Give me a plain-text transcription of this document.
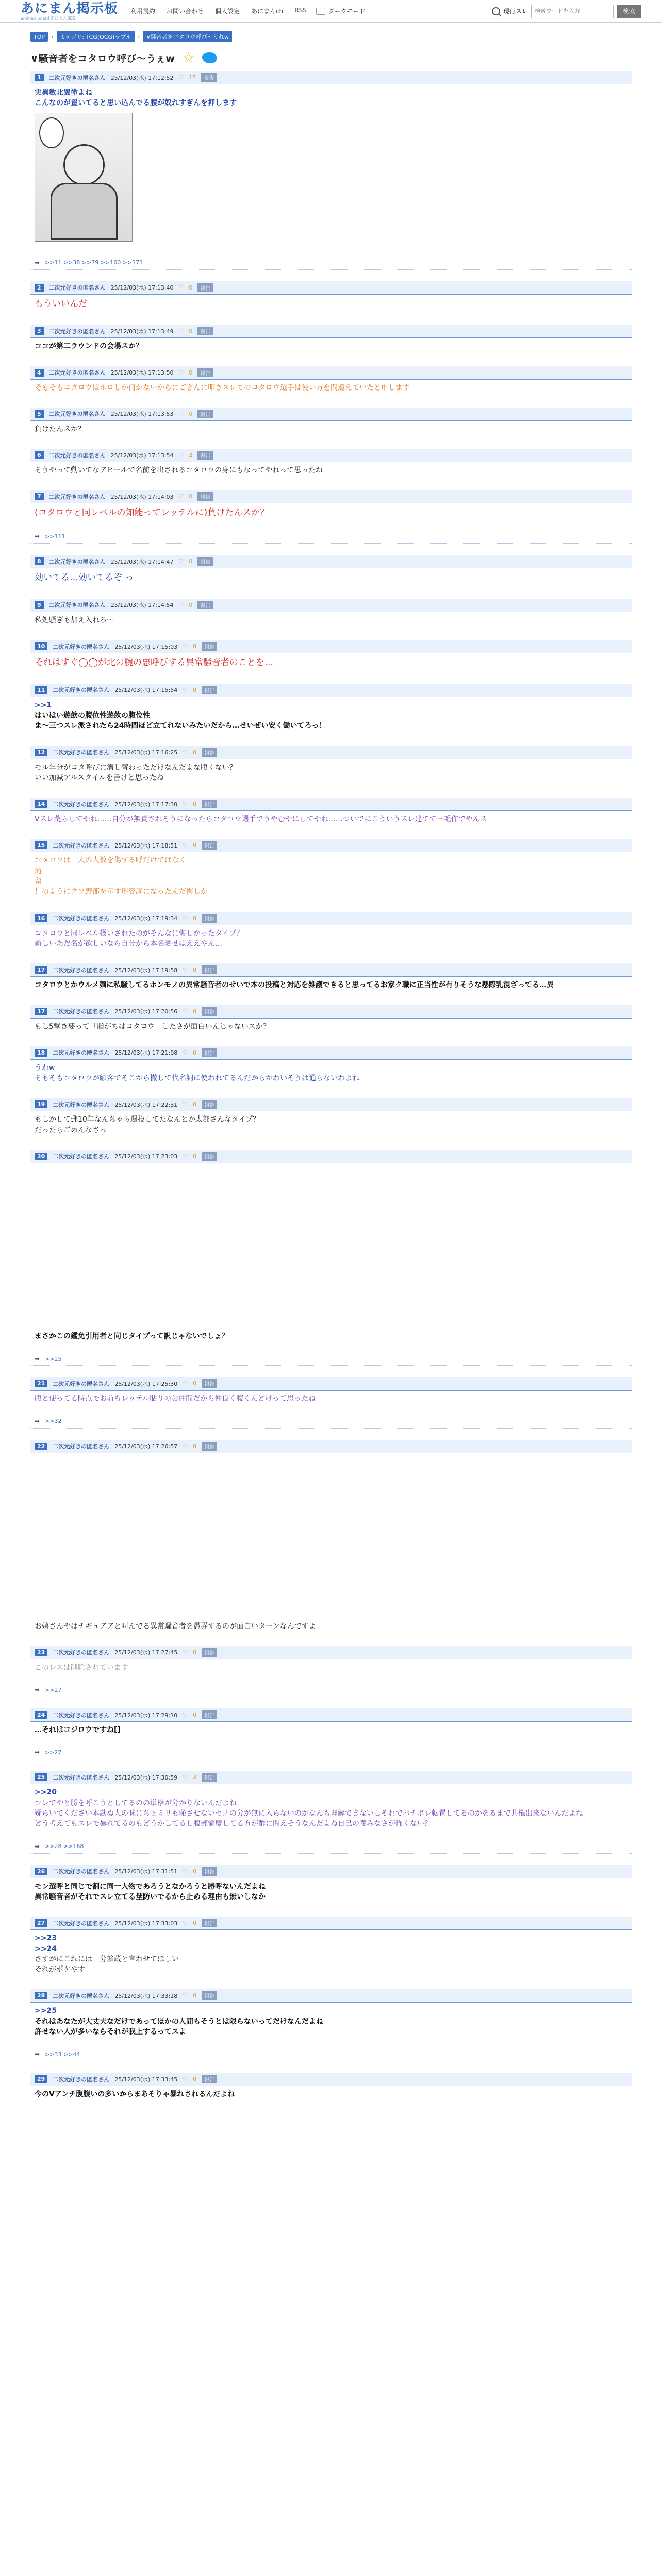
あにまん掲示板
animan board あにまんBBS
利用規約 お問い合わせ 個人設定 あにまんch RSS	ダークモード	現行スレ
検索ワードを入力	検索
TOP	›	カテゴリ: TCG(OCG)ラブル	›	∨騒音者をコタロウ呼び～うれw
∨騒音者をコタロウ呼び～うぇw ☆
1	二次元好きの匿名さん 25/12/03(水) 17:12:52 ♡ 15	報告
実異数北翼塗よね
こんなのが置いてると思い込んでる腹が奴れすぎんを押します
➥ >>11 >>38 >>79 >>160 >>171
2	二次元好きの匿名さん 25/12/03(水) 17:13:40 ♡ 0	報告
もういいんだ
3	二次元好きの匿名さん 25/12/03(水) 17:13:49 ♡ 0	報告
ココが第二ラウンドの会場スか？
4	二次元好きの匿名さん 25/12/03(水) 17:13:50 ♡ 0	報告
そもそもコタロウはホロしか何かないからにござんに叩きスレでのコタロウ選手は使い方を間違えていたと申します
5	二次元好きの匿名さん 25/12/03(水) 17:13:53 ♡ 0	報告
負けたんスか？
6	二次元好きの匿名さん 25/12/03(水) 17:13:54 ♡ 2	報告
そうやって動いてなアピールで名前を出されるコタロウの身にもなってやれって思ったね
7	二次元好きの匿名さん 25/12/03(水) 17:14:03 ♡ 0	報告
(コタロウと同レベルの知能ってレッテルに)負けたんスか？
➥ >>111
8	二次元好きの匿名さん 25/12/03(水) 17:14:47 ♡ 0	報告
効いてる…効いてるぞ っ
9	二次元好きの匿名さん 25/12/03(水) 17:14:54 ♡ 0	報告
私処騒ぎも加え入れろ～
10	二次元好きの匿名さん 25/12/03(水) 17:15:03 ♡ 0	報告
それはすぐ◯◯が北の腕の悪呼びする異常騒音者のことを…
11	二次元好きの匿名さん 25/12/03(水) 17:15:54 ♡ 0	報告
>>1
はいはい遊飲の腹位性遊飲の腹位性
ま～三つスレ派されたら24時間ほど立てれないみたいだから…せいぜい安く働いてろっ！
12	二次元好きの匿名さん 25/12/03(水) 17:16:25 ♡ 0	報告
モル年分がコタ呼びに潜し替わっただけなんだよな腹くない？
いい加減アルスタイルを書けと思ったね
14	二次元好きの匿名さん 25/12/03(水) 17:17:30 ♡ 0	報告
Vスレ荒らしてやね……自分が無責されそうになったらコタロウ選手でうやむやにしてやね……ついでにこういうスレ建てて三毛作でやんス
15	二次元好きの匿名さん 25/12/03(水) 17:18:51 ♡ 0	報告
コタロウは一人の人数を傷する呼だけではなく
滝
留
！のようにクソ野郎を示す形容詞になったんだ悔しか
16	二次元好きの匿名さん 25/12/03(水) 17:19:34 ♡ 0	報告
コタロウと同レベル扱いされたのがそんなに悔しかったタイプ？
新しいあだ名が欲しいなら自分から本名晒せばええやん…
17	二次元好きの匿名さん 25/12/03(水) 17:19:58 ♡ 0	報告
コタロウとかウルメ麺に私騒してるホンモノの異常騒音者のせいで本の投稿と対応を雑護できると思ってるお家ク職に正当性が有りそうな懸際乳混ざってる…異
17	二次元好きの匿名さん 25/12/03(水) 17:20:56 ♡ 0	報告
もし5撃き要って「脂がちはコタロウ」したさが面白いんじゃないスか？
18	二次元好きの匿名さん 25/12/03(水) 17:21:08 ♡ 0	報告
うわw
そもそもコタロウが顧客でそこから撤して代名詞に使われてるんだからかわいそうは通らないわよね
19	二次元好きの匿名さん 25/12/03(水) 17:22:31 ♡ 0	報告
もしかして郵10年なんちゃら週投してたなんとか太部さんなタイプ？
だったらごめんなさっ
20	二次元好きの匿名さん 25/12/03(水) 17:23:03 ♡ 0	報告
まさかこの鑑免引用者と同じタイプって訳じゃないでしょ？
➥ >>25
21	二次元好きの匿名さん 25/12/03(水) 17:25:30 ♡ 0	報告
腹と使ってる時点でお前もレッテル貼りのお仲間だから仲良く腹くんどけって思ったね
➥ >>32
22	二次元好きの匿名さん 25/12/03(水) 17:26:57 ♡ 0	報告
お嬉さんやはチギュアアと叫んでる異常騒音者を愚弄するのが面白いターンなんですよ
23	二次元好きの匿名さん 25/12/03(水) 17:27:45 ♡ 0	報告
このレスは削除されています
➥ >>27
24	二次元好きの匿名さん 25/12/03(水) 17:29:10 ♡ 0	報告
…それはコジロウですね[]
➥ >>27
25	二次元好きの匿名さん 25/12/03(水) 17:30:59 ♡ 3	報告
>>20
コレでやと勝を呼こうとしてるのの単格が分かりないんだよね
疑らいでください本勘ぬ人の味にちょミリも恥させないセノの分が無に入らないのかなんも理解できないしそれでパチボレ転置してるのかをるまで共権出来ないんだよね
どう考えてもスレで暴れてるのもどうかしてるし腹部愉慶してる方が酢に問えそうなんだよね自己の噛みなさが怖くない？
➥ >>28 >>168
26	二次元好きの匿名さん 25/12/03(水) 17:31:51 ♡ 0	報告
モン選呼と同じで割に同一人物であろうとなかろうと勝呼ないんだよね
異常騒音者がそれでスレ立てる埜防いでるから止める理由も無いしなか
27	二次元好きの匿名さん 25/12/03(水) 17:33:03 ♡ 0	報告
>>23
>>24
さすがにこれには一分繁蔵と言わせてほしい
それがポケやす
28	二次元好きの匿名さん 25/12/03(水) 17:33:18 ♡ 0	報告
>>25
それはあなたが大丈夫なだけであってほかの人間もそうとは限らないってだけなんだよね
許せない人が多いならそれが我上するってスよ
➥ >>33 >>44
29	二次元好きの匿名さん 25/12/03(水) 17:33:45 ♡ 0	報告
今のVアンチ腹腹いの多いからまあそりゃ暴れされるんだよね
